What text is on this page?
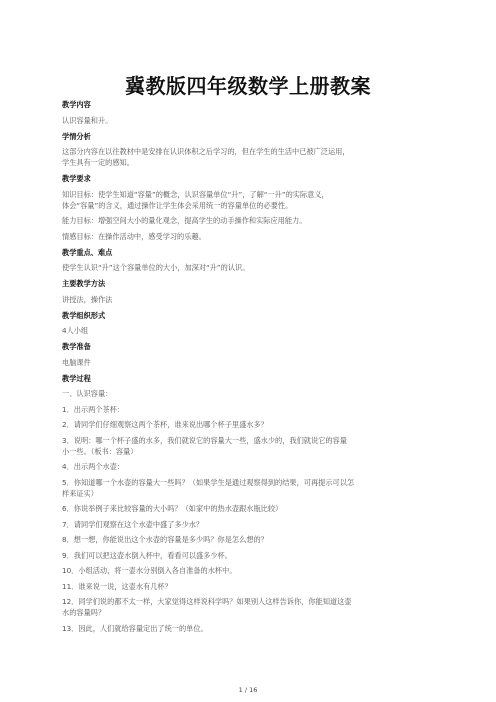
冀教版四年级数学上册教案
教学内容
认识容量和升。
学情分析
这部分内容在以往教材中是安排在认识体积之后学习的，但在学生的生活中已被广泛运用，
学生具有一定的感知。
教学要求
知识目标：使学生知道“容量”的概念，认识容量单位“升”，了解“一升”的实际意义，
体会“容量”的含义，通过操作让学生体会采用统一的容量单位的必要性。
能力目标：增强空间大小的量化观念，提高学生的动手操作和实际应用能力。
情感目标：在操作活动中，感受学习的乐趣。
教学重点、难点
使学生认识“升”这个容量单位的大小，加深对“升”的认识。
主要教学方法
讲授法，操作法
教学组织形式
4人小组
教学准备
电脑课件
教学过程
一、认识容量：
1．出示两个茶杯：
2．请同学们仔细观察这两个茶杯，谁来说出哪个杯子里盛水多？
3．说明：哪一个杯子盛的水多，我们就说它的容量大一些，盛水少的，我们就说它的容量
小一些。（板书：容量）
4．出示两个水壶：
5．你知道哪一个水壶的容量大一些吗？（如果学生是通过观察得到的结果，可再提示可以怎
样来证实）
6．你说举例子来比较容量的大小吗？（如家中的热水壶跟水瓶比较）
7．请同学们观察在这个水壶中盛了多少水？
8．想一想，你能说出这个水壶的容量是多少吗？你是怎么想的？
9．我们可以把这壶水倒入杯中，看看可以盛多少杯。
10．小组活动，将一壶水分别倒入各自准备的水杯中。
11．谁来说一说，这壶水有几杯？
12．同学们说的都不太一样，大家觉得这样说科学吗？如果别人这样告诉你，你能知道这壶
水的容量吗？
13．因此，人们就给容量定出了统一的单位。
1 / 16
